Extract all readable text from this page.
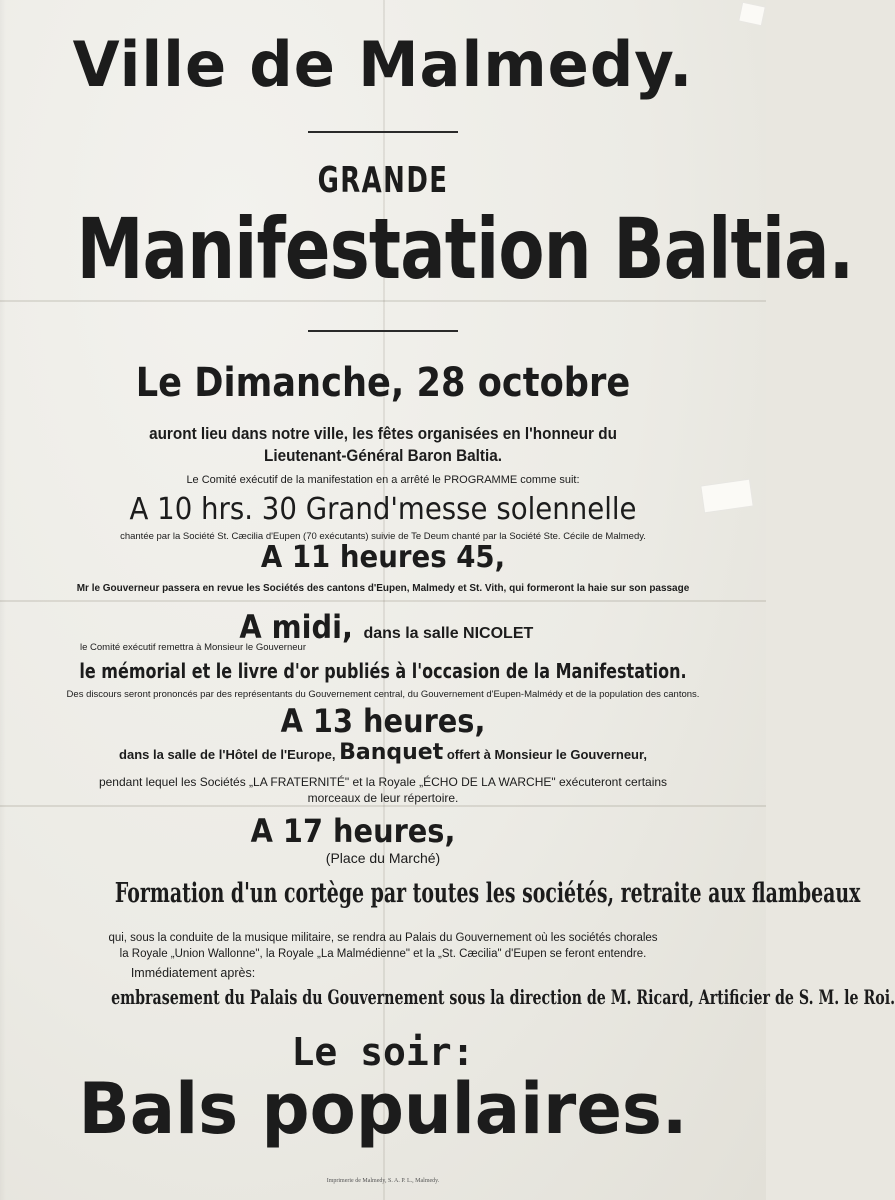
Ville de Malmedy.
GRANDE
Manifestation Baltia.
Le Dimanche, 28 octobre
auront lieu dans notre ville, les fêtes organisées en l'honneur du
Lieutenant-Général Baron Baltia.
Le Comité exécutif de la manifestation en a arrêté le PROGRAMME comme suit:
A 10 hrs. 30 Grand'messe solennelle
chantée par la Société St. Cæcilia d'Eupen (70 exécutants) suivie de Te Deum chanté par la Société Ste. Cécile de Malmedy.
A 11 heures 45,
Mr le Gouverneur passera en revue les Sociétés des cantons d'Eupen, Malmedy et St. Vith, qui formeront la haie sur son passage
A midi, dans la salle NICOLET
le Comité exécutif remettra à Monsieur le Gouverneur
le mémorial et le livre d'or publiés à l'occasion de la Manifestation.
Des discours seront prononcés par des représentants du Gouvernement central, du Gouvernement d'Eupen-Malmédy et de la population des cantons.
A 13 heures,
dans la salle de l'Hôtel de l'Europe, Banquet offert à Monsieur le Gouverneur,
pendant lequel les Sociétés „LA FRATERNITÉ" et la Royale „ÉCHO DE LA WARCHE" exécuteront certains
morceaux de leur répertoire.
A 17 heures,
(Place du Marché)
Formation d'un cortège par toutes les sociétés, retraite aux flambeaux
qui, sous la conduite de la musique militaire, se rendra au Palais du Gouvernement où les sociétés chorales
la Royale „Union Wallonne", la Royale „La Malmédienne" et la „St. Cæcilia" d'Eupen se feront entendre.
Immédiatement après:
embrasement du Palais du Gouvernement sous la direction de M. Ricard, Artificier de S. M. le Roi.
Le soir:
Bals populaires.
Imprimerie de Malmedy, S. A. P. L., Malmedy.
